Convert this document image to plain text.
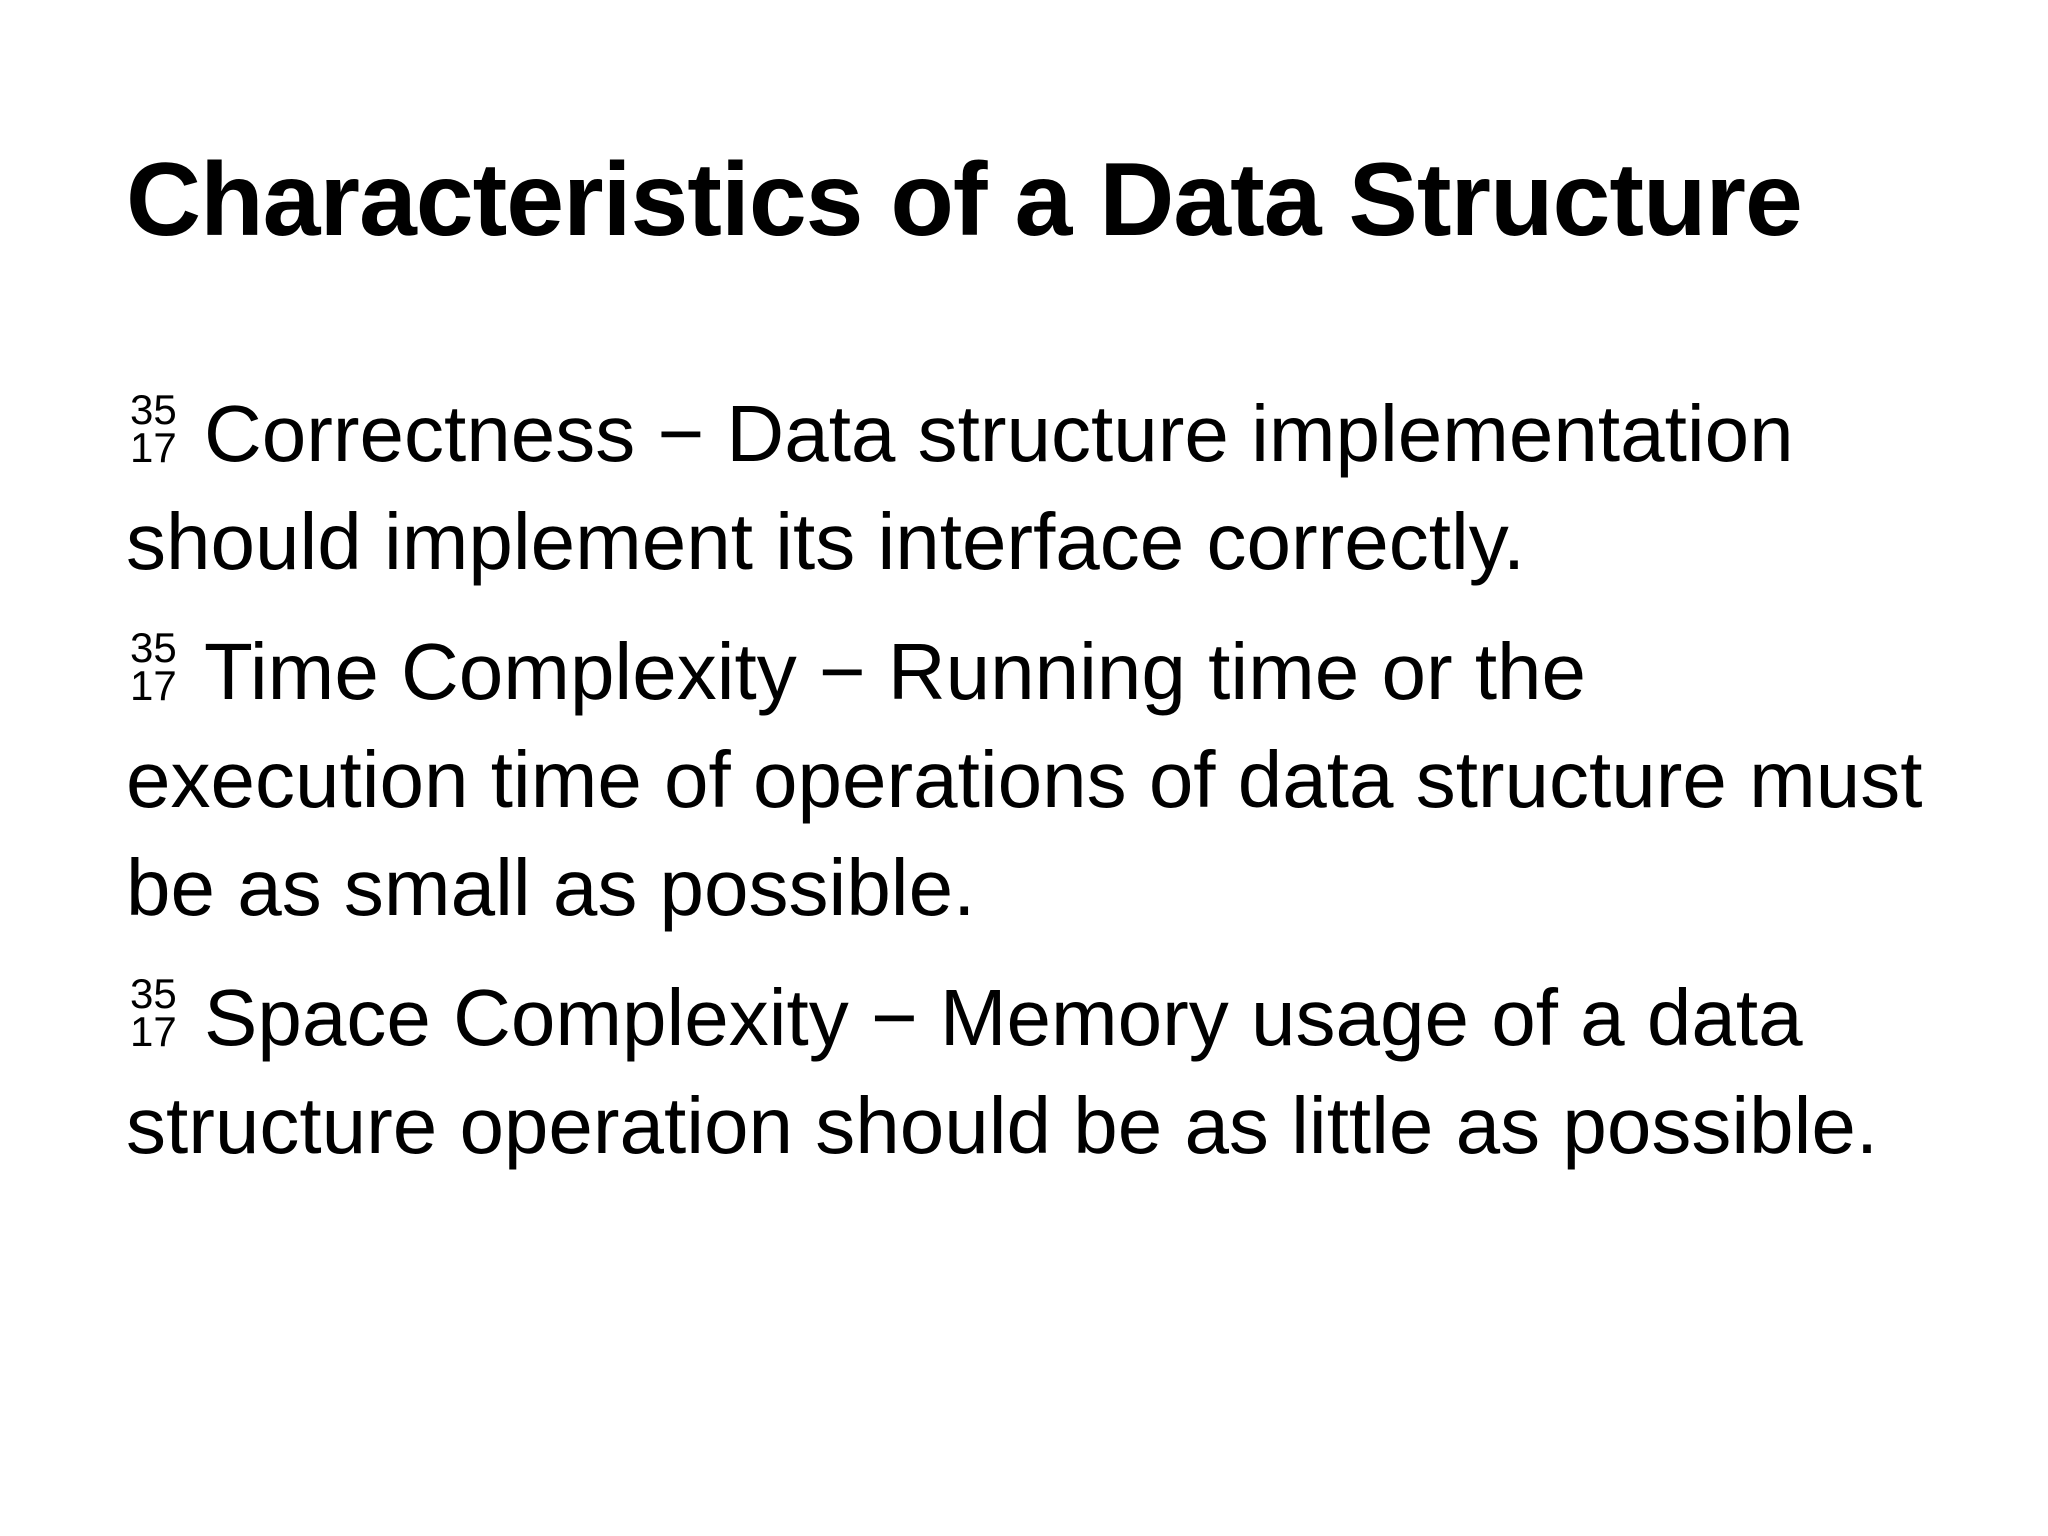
Characteristics of a Data Structure
35
17 Correctness − Data structure implementation should implement its interface correctly.
35
17 Time Complexity − Running time or the execution time of operations of data structure must be as small as possible.
35
17 Space Complexity − Memory usage of a data structure operation should be as little as possible.
